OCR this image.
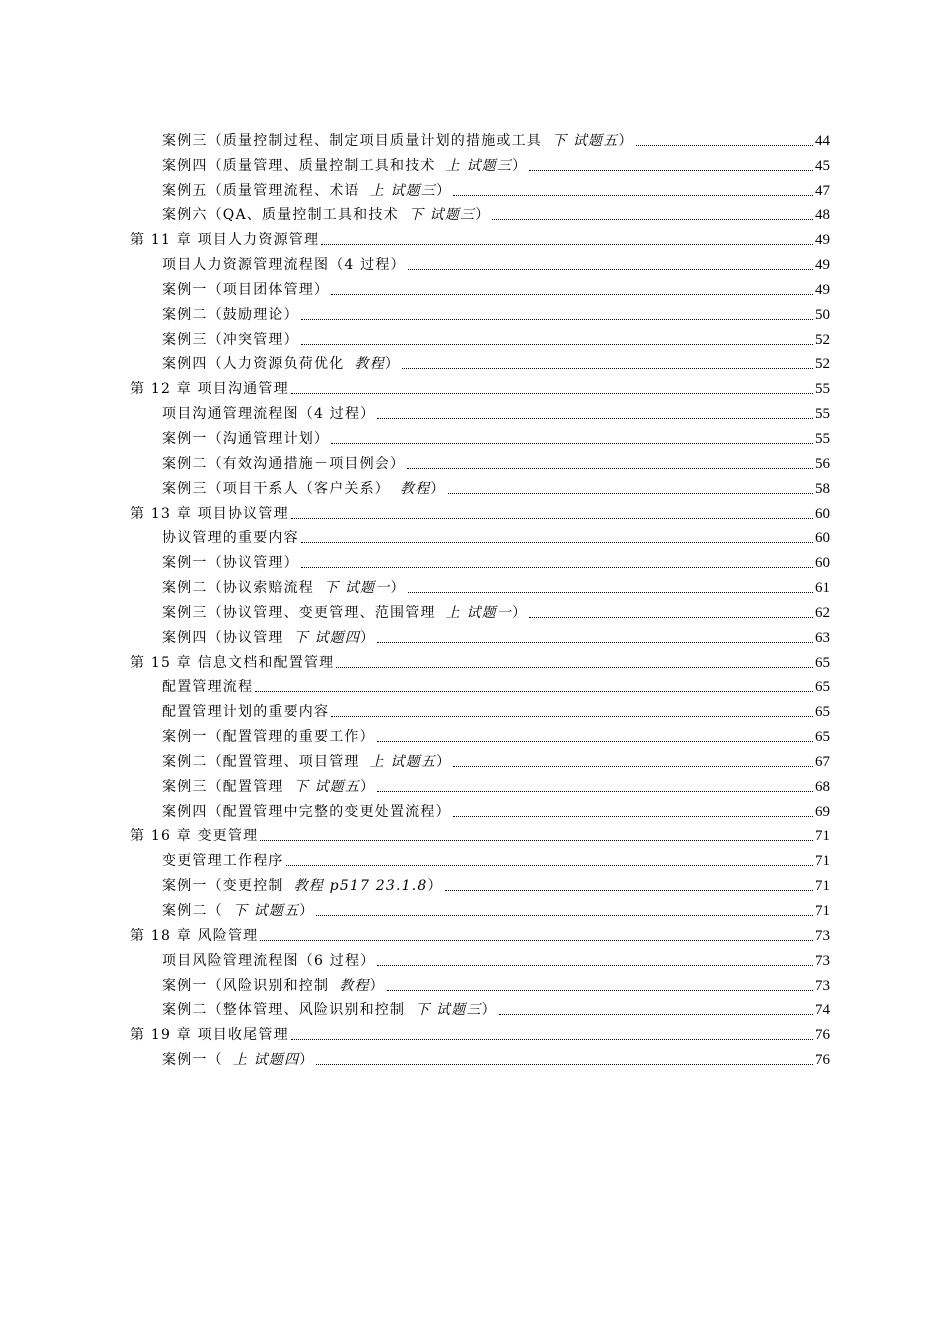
案例三（质量控制过程、制定项目质量计划的措施或工具 下 试题五）	44
案例四（质量管理、质量控制工具和技术 上 试题三）	45
案例五（质量管理流程、术语 上 试题三）	47
案例六（QA、质量控制工具和技术 下 试题三）	48
第 11 章 项目人力资源管理	49
项目人力资源管理流程图（4 过程）	49
案例一（项目团体管理）	49
案例二（鼓励理论）	50
案例三（冲突管理）	52
案例四（人力资源负荷优化 教程）	52
第 12 章 项目沟通管理	55
项目沟通管理流程图（4 过程）	55
案例一（沟通管理计划）	55
案例二（有效沟通措施－项目例会）	56
案例三（项目干系人（客户关系） 教程）	58
第 13 章 项目协议管理	60
协议管理的重要内容	60
案例一（协议管理）	60
案例二（协议索赔流程 下 试题一）	61
案例三（协议管理、变更管理、范围管理 上 试题一）	62
案例四（协议管理 下 试题四）	63
第 15 章 信息文档和配置管理	65
配置管理流程	65
配置管理计划的重要内容	65
案例一（配置管理的重要工作）	65
案例二（配置管理、项目管理 上 试题五）	67
案例三（配置管理 下 试题五）	68
案例四（配置管理中完整的变更处置流程）	69
第 16 章 变更管理	71
变更管理工作程序	71
案例一（变更控制 教程 p517 23.1.8）	71
案例二（ 下 试题五）	71
第 18 章 风险管理	73
项目风险管理流程图（6 过程）	73
案例一（风险识别和控制 教程）	73
案例二（整体管理、风险识别和控制 下 试题三）	74
第 19 章 项目收尾管理	76
案例一（ 上 试题四）	76
